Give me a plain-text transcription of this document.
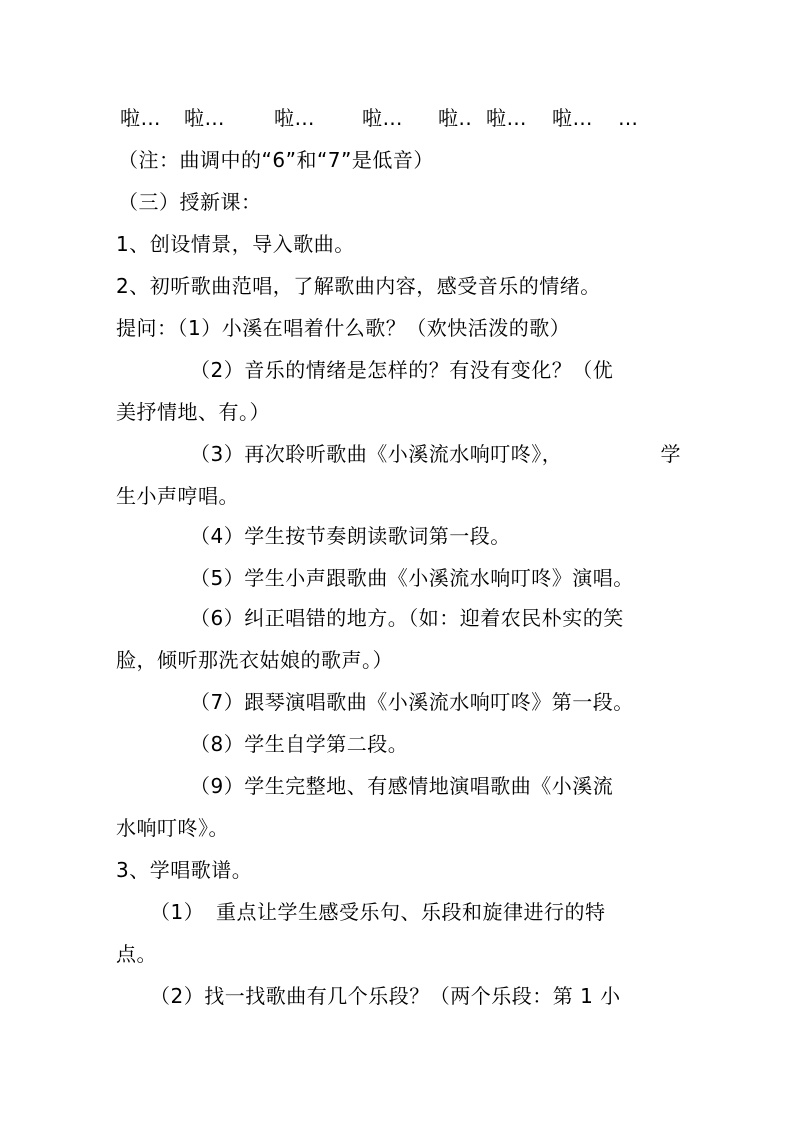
啦… 啦… 啦… 啦… 啦.. 啦… 啦… …
（注：曲调中的“6”和“7”是低音）
（三）授新课：
1、创设情景，导入歌曲。
2、初听歌曲范唱，了解歌曲内容，感受音乐的情绪。
提问：（1）小溪在唱着什么歌？（欢快活泼的歌）
（2）音乐的情绪是怎样的？有没有变化？（优
美抒情地、有。）
（3）再次聆听歌曲《小溪流水响叮咚》，	学
生小声哼唱。
（4）学生按节奏朗读歌词第一段。
（5）学生小声跟歌曲《小溪流水响叮咚》演唱。
（6）纠正唱错的地方。（如：迎着农民朴实的笑
脸，倾听那洗衣姑娘的歌声。）
（7）跟琴演唱歌曲《小溪流水响叮咚》第一段。
（8）学生自学第二段。
（9）学生完整地、有感情地演唱歌曲《小溪流
水响叮咚》。
3、学唱歌谱。
（1） 重点让学生感受乐句、乐段和旋律进行的特
点。
（2）找一找歌曲有几个乐段？（两个乐段：第 1 小
